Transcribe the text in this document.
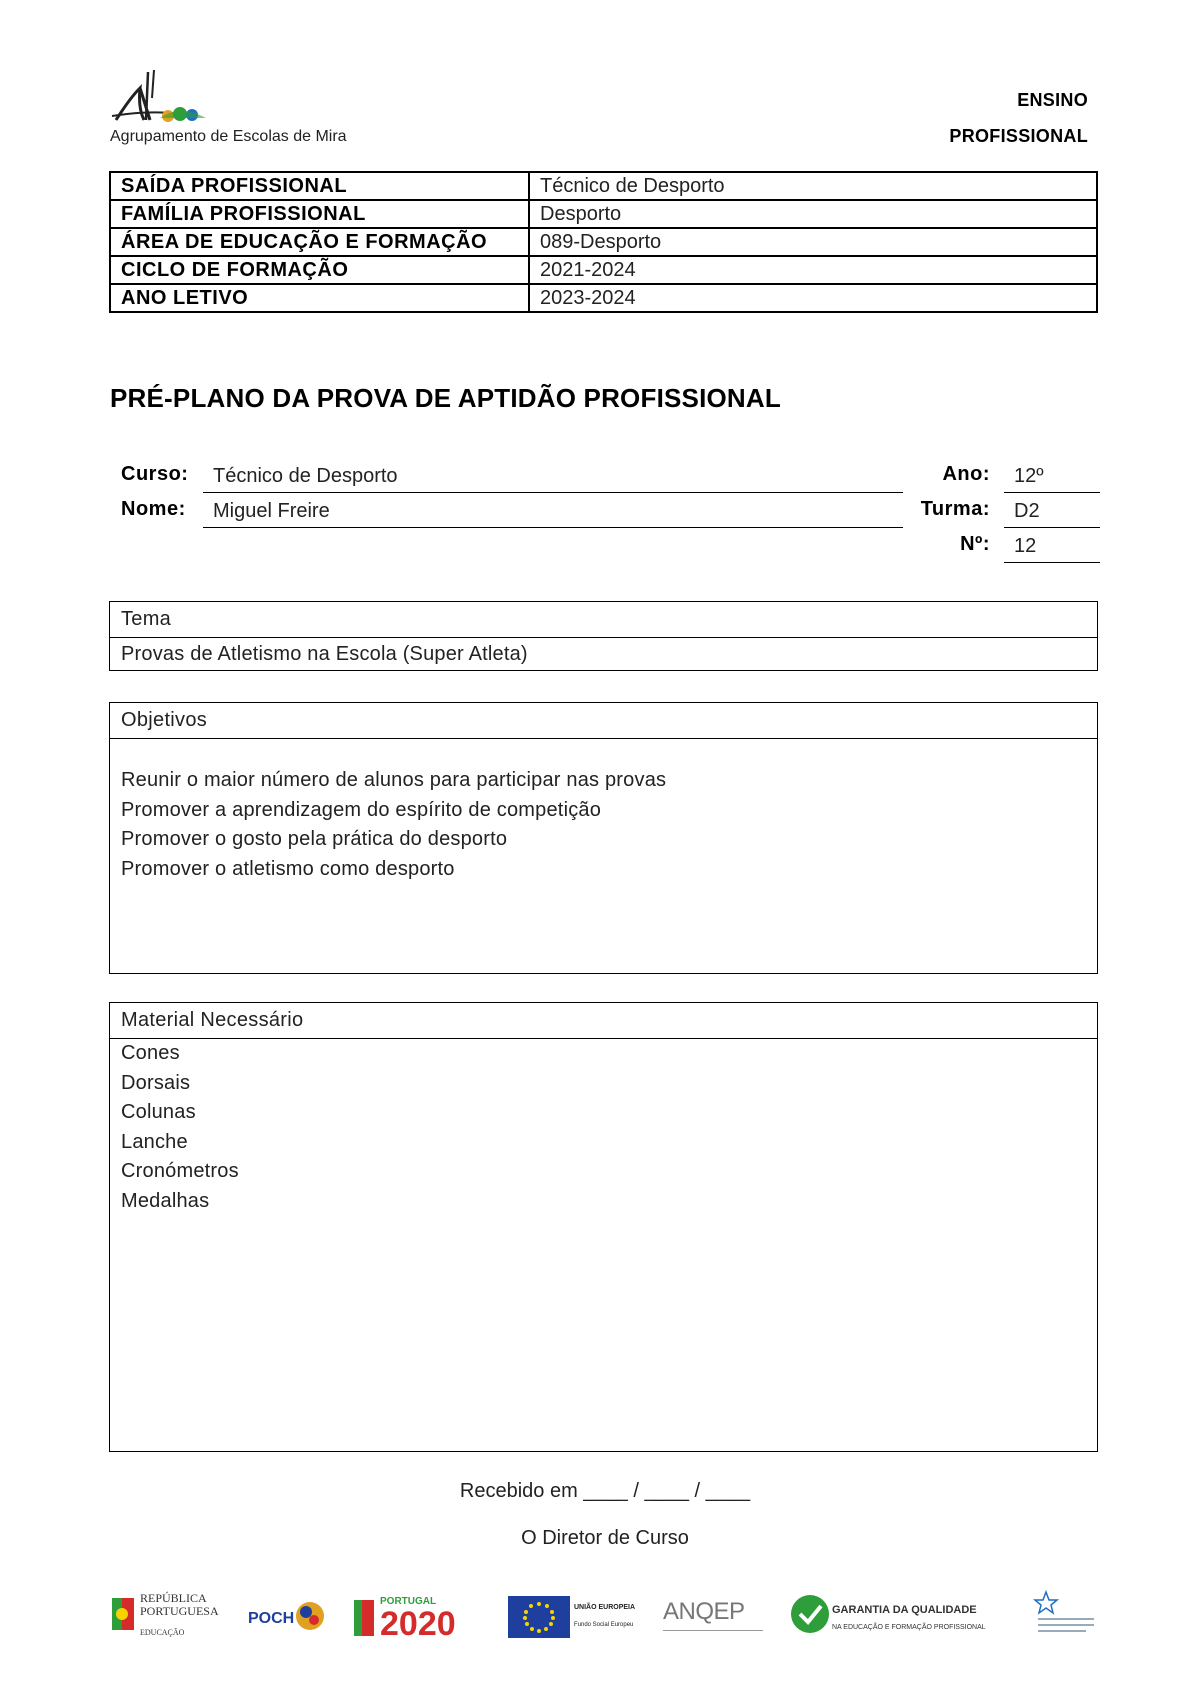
Agrupamento de Escolas de Mira
ENSINO
PROFISSIONAL
SAÍDA PROFISSIONAL	Técnico de Desporto
FAMÍLIA PROFISSIONAL	Desporto
ÁREA DE EDUCAÇÃO E FORMAÇÃO	089-Desporto
CICLO DE FORMAÇÃO	2021-2024
ANO LETIVO	2023-2024
PRÉ-PLANO DA PROVA DE APTIDÃO PROFISSIONAL
Curso:	Técnico de Desporto
Nome:	Miguel Freire
Ano:	12º
Turma:	D2
Nº:	12
Tema
Provas de Atletismo na Escola (Super Atleta)
Objetivos
Reunir o maior número de alunos para participar nas provas
Promover a aprendizagem do espírito de competição
Promover o gosto pela prática do desporto
Promover o atletismo como desporto
Material Necessário
Cones
Dorsais
Colunas
Lanche
Cronómetros
Medalhas
Recebido em ____ / ____ / ____
O Diretor de Curso
REPÚBLICA
PORTUGUESA
EDUCAÇÃO
POCH
PORTUGAL
2020	UNIÃO EUROPEIA
Fundo Social Europeu ANQEP	GARANTIA DA QUALIDADE
NA EDUCAÇÃO E FORMAÇÃO PROFISSIONAL
